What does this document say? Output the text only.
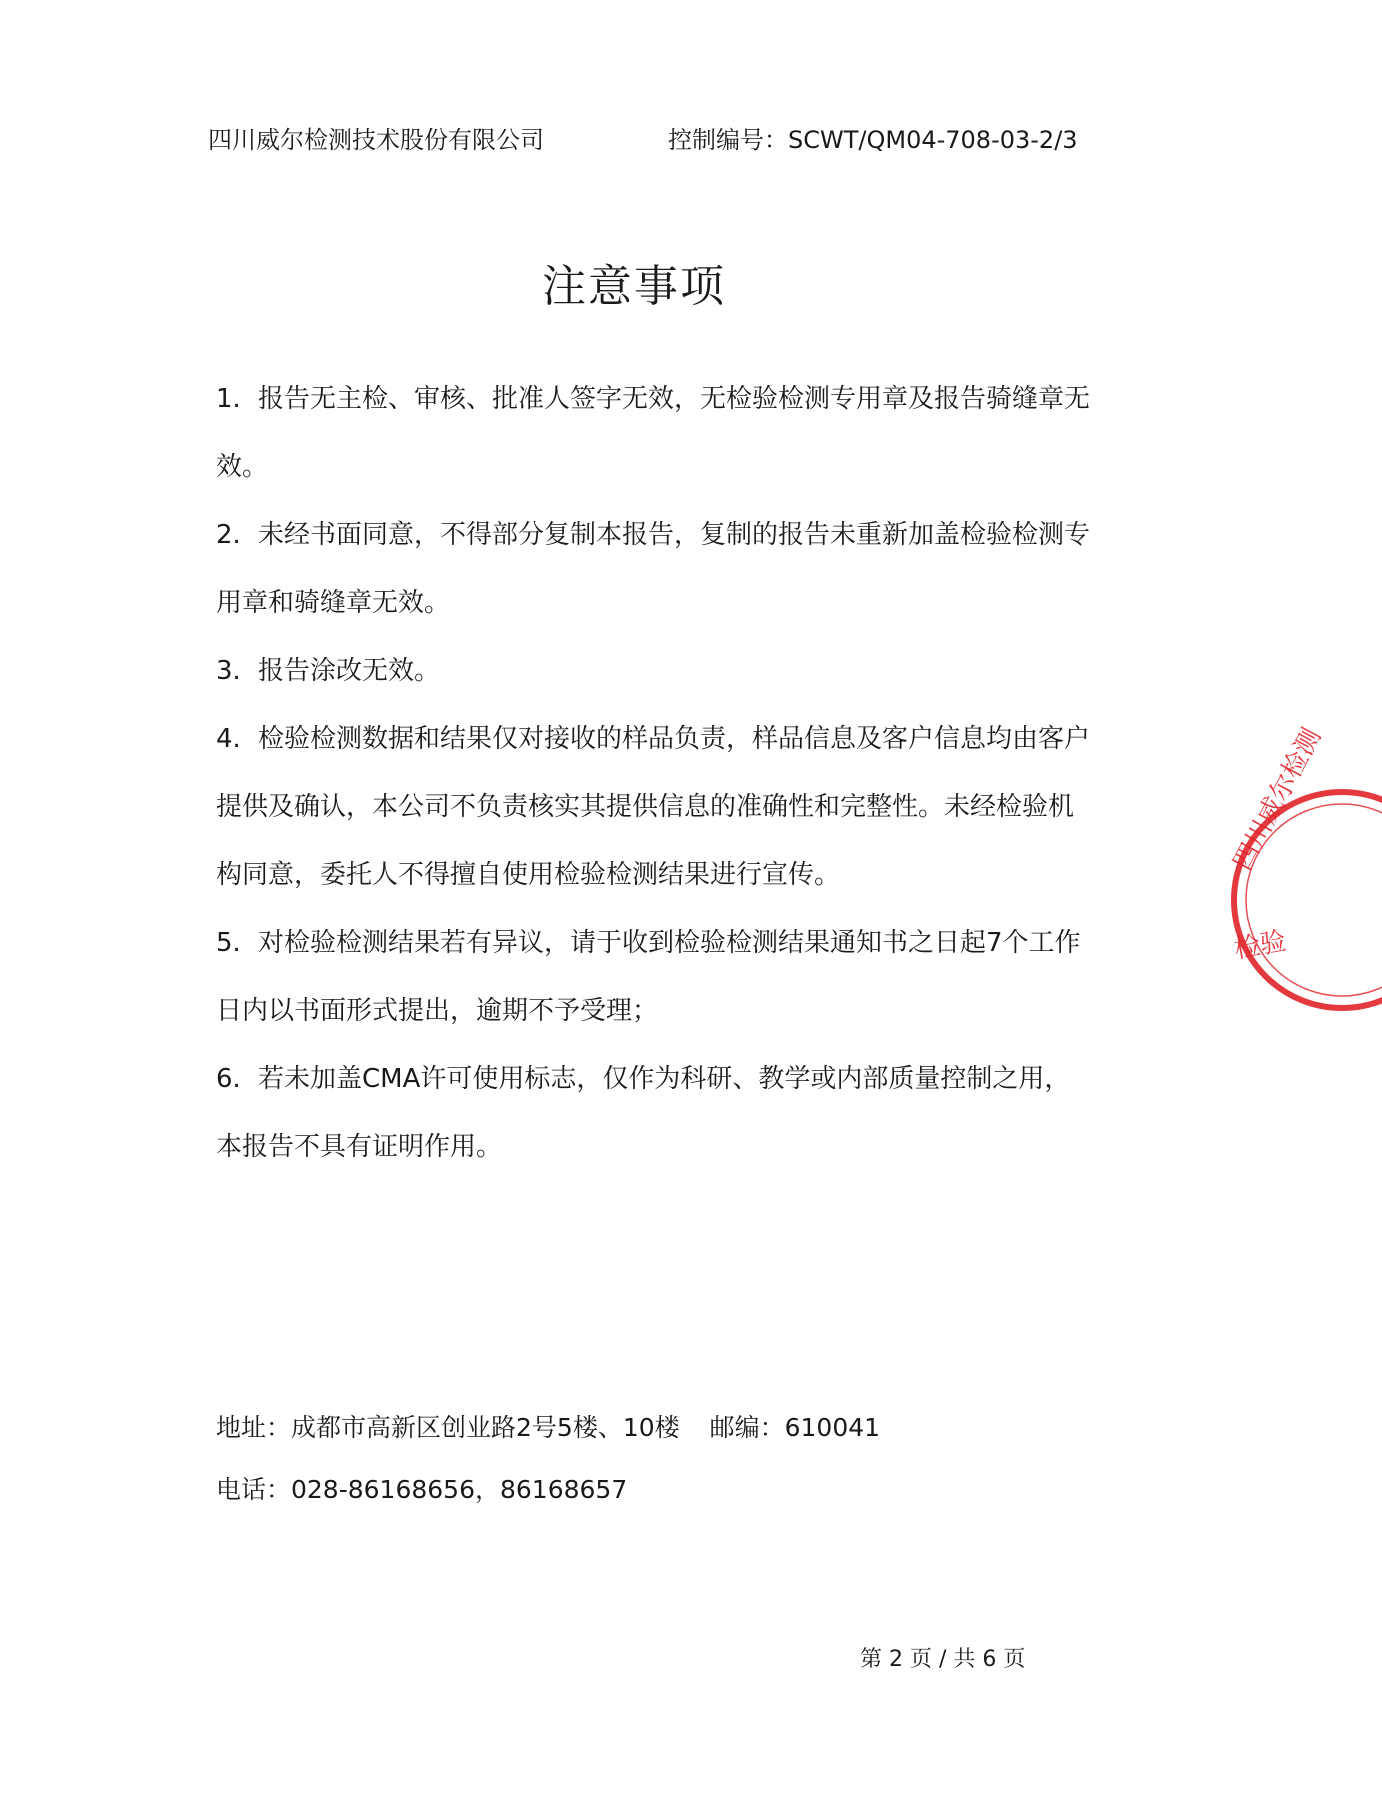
四川威尔检测技术股份有限公司	控制编号：SCWT/QM04-708-03-2/3
注意事项
1. 报告无主检、审核、批准人签字无效，无检验检测专用章及报告骑缝章无效。
2. 未经书面同意，不得部分复制本报告，复制的报告未重新加盖检验检测专用章和骑缝章无效。
3. 报告涂改无效。
4. 检验检测数据和结果仅对接收的样品负责，样品信息及客户信息均由客户提供及确认，本公司不负责核实其提供信息的准确性和完整性。未经检验机构同意，委托人不得擅自使用检验检测结果进行宣传。
5. 对检验检测结果若有异议，请于收到检验检测结果通知书之日起7个工作日内以书面形式提出，逾期不予受理；
6. 若未加盖CMA许可使用标志，仅作为科研、教学或内部质量控制之用，本报告不具有证明作用。
地址：成都市高新区创业路2号5楼、10楼 邮编：610041
电话：028-86168656，86168657
第 2 页 / 共 6 页
四川威尔检测
检验
